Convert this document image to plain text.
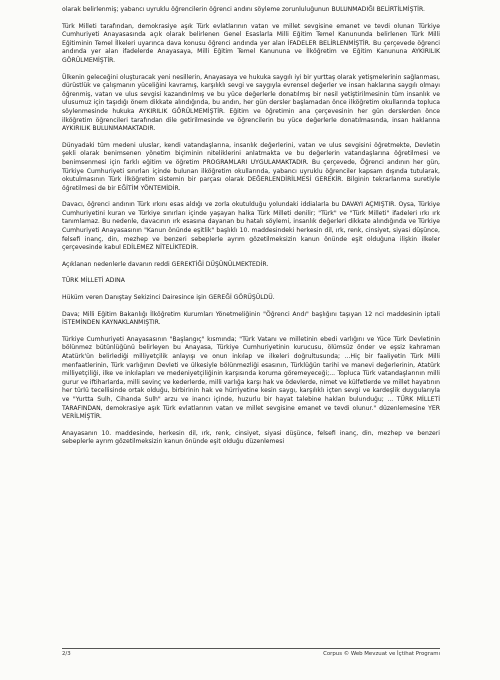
olarak belirlenmiş; yabancı uyruklu öğrencilerin öğrenci andını söyleme zorunluluğunun BULUNMADIĞI BELİRTİLMİŞTİR.

Türk Milleti tarafından, demokrasiye aşık Türk evlatlarının vatan ve millet sevgisine emanet ve tevdi olunan Türkiye Cumhuriyeti Anayasasında açık olarak belirlenen Genel Esaslarla Milli Eğitim Temel Kanununda belirlenen Türk Milli Eğitiminin Temel İlkeleri uyarınca dava konusu öğrenci andında yer alan İFADELER BELİRLENMİŞTİR. Bu çerçevede öğrenci andında yer alan ifadelerde Anayasaya, Milli Eğitim Temel Kanununa ve İlköğretim ve Eğitim Kanununa AYKIRILIK GÖRÜLMEMİŞTİR.

Ülkenin geleceğini oluşturacak yeni nesillerin, Anayasaya ve hukuka saygılı iyi bir yurttaş olarak yetişmelerinin sağlanması, dürüstlük ve çalışmanın yüceliğini kavramış, karşılıklı sevgi ve saygıyla evrensel değerler ve insan haklarına saygılı olmayı öğrenmiş, vatan ve ulus sevgisi kazandırılmış ve bu yüce değerlerle donatılmış bir nesil yetiştirilmesinin tüm insanlık ve ulusumuz için taşıdığı önem dikkate alındığında, bu andın, her gün dersler başlamadan önce ilköğretim okullarında topluca söylenmesinde hukuka AYKIRILIK GÖRÜLMEMİŞTİR. Eğitim ve öğretimin ana çerçevesinin her gün derslerden önce ilköğretim öğrencileri tarafından dile getirilmesinde ve öğrencilerin bu yüce değerlerle donatılmasında, insan haklarına AYKIRILIK BULUNMAMAKTADIR.

Dünyadaki tüm medeni uluslar, kendi vatandaşlarına, insanlık değerlerini, vatan ve ulus sevgisini öğretmekte, Devletin şekli olarak benimsenen yönetim biçiminin niteliklerini anlatmakta ve bu değerlerin vatandaşlarına öğretilmesi ve benimsenmesi için farklı eğitim ve öğretim PROGRAMLARI UYGULAMAKTADIR. Bu çerçevede, Öğrenci andının her gün, Türkiye Cumhuriyeti sınırları içinde bulunan ilköğretim okullarında, yabancı uyruklu öğrenciler kapsam dışında tutularak, okutulmasının Türk İlköğretim sistemin bir parçası olarak DEĞERLENDİRİLMESİ GEREKİR. Bilginin tekrarlanma suretiyle öğretilmesi de bir EĞİTİM YÖNTEMİDİR.

Davacı, öğrenci andının Türk ırkını esas aldığı ve zorla okutulduğu yolundaki iddialarla bu DAVAYI AÇMIŞTIR. Oysa, Türkiye Cumhuriyetini kuran ve Türkiye sınırları içinde yaşayan halka Türk Milleti denilir; "Türk" ve "Türk Milleti" ifadeleri ırkı ırk tanımlamaz. Bu nedenle, davacının ırk esasına dayanan bu hatalı söylemi, insanlık değerleri dikkate alındığında ve Türkiye Cumhuriyeti Anayasasının "Kanun önünde eşitlik" başlıklı 10. maddesindeki herkesin dil, ırk, renk, cinsiyet, siyasi düşünce, felsefi inanç, din, mezhep ve benzeri sebeplerle ayrım gözetilmeksizin kanun önünde eşit olduğuna ilişkin ilkeler çerçevesinde kabul EDİLEMEZ NİTELİKTEDİR.

Açıklanan nedenlerle davanın reddi GEREKTİĞİ DÜŞÜNÜLMEKTEDİR.

TÜRK MİLLETİ ADINA

Hüküm veren Danıştay Sekizinci Dairesince işin GEREĞİ GÖRÜŞÜLDÜ.

Dava; Milli Eğitim Bakanlığı İlköğretim Kurumları Yönetmeliğinin "Öğrenci Andı" başlığını taşıyan 12 nci maddesinin iptali İSTEMİNDEN KAYNAKLANMIŞTIR.

Türkiye Cumhuriyeti Anayasasının "Başlangıç" kısmında; "Türk Vatanı ve milletinin ebedi varlığını ve Yüce Türk Devletinin bölünmez bütünlüğünü belirleyen bu Anayasa, Türkiye Cumhuriyetinin kurucusu, ölümsüz önder ve eşsiz kahraman Atatürk'ün belirlediği milliyetçilik anlayışı ve onun inkılap ve ilkeleri doğrultusunda; ...Hiç bir faaliyetin Türk Milli menfaatlerinin, Türk varlığının Devleti ve ülkesiyle bölünmezliği esasının, Türklüğün tarihi ve manevi değerlerinin, Atatürk milliyetçiliği, ilke ve inkılapları ve medeniyetçiliğinin karşısında koruma göremeyeceği;... Topluca Türk vatandaşlarının milli gurur ve iftiharlarda, milli sevinç ve kederlerde, milli varlığa karşı hak ve ödevlerde, nimet ve külfetlerde ve millet hayatının her türlü tecellisinde ortak olduğu, birbirinin hak ve hürriyetine kesin saygı, karşılıklı içten sevgi ve kardeşlik duygularıyla ve "Yurtta Sulh, Cihanda Sulh" arzu ve inancı içinde, huzurlu bir hayat talebine hakları bulunduğu; ... TÜRK MİLLETİ TARAFINDAN, demokrasiye aşık Türk evlatlarının vatan ve millet sevgisine emanet ve tevdi olunur." düzenlemesine YER VERİLMİŞTİR.

Anayasanın 10. maddesinde, herkesin dil, ırk, renk, cinsiyet, siyasi düşünce, felsefi inanç, din, mezhep ve benzeri sebeplerle ayrım gözetilmeksizin kanun önünde eşit olduğu düzenlemesi

2/3	Corpus © Web Mevzuat ve İçtihat Programı
